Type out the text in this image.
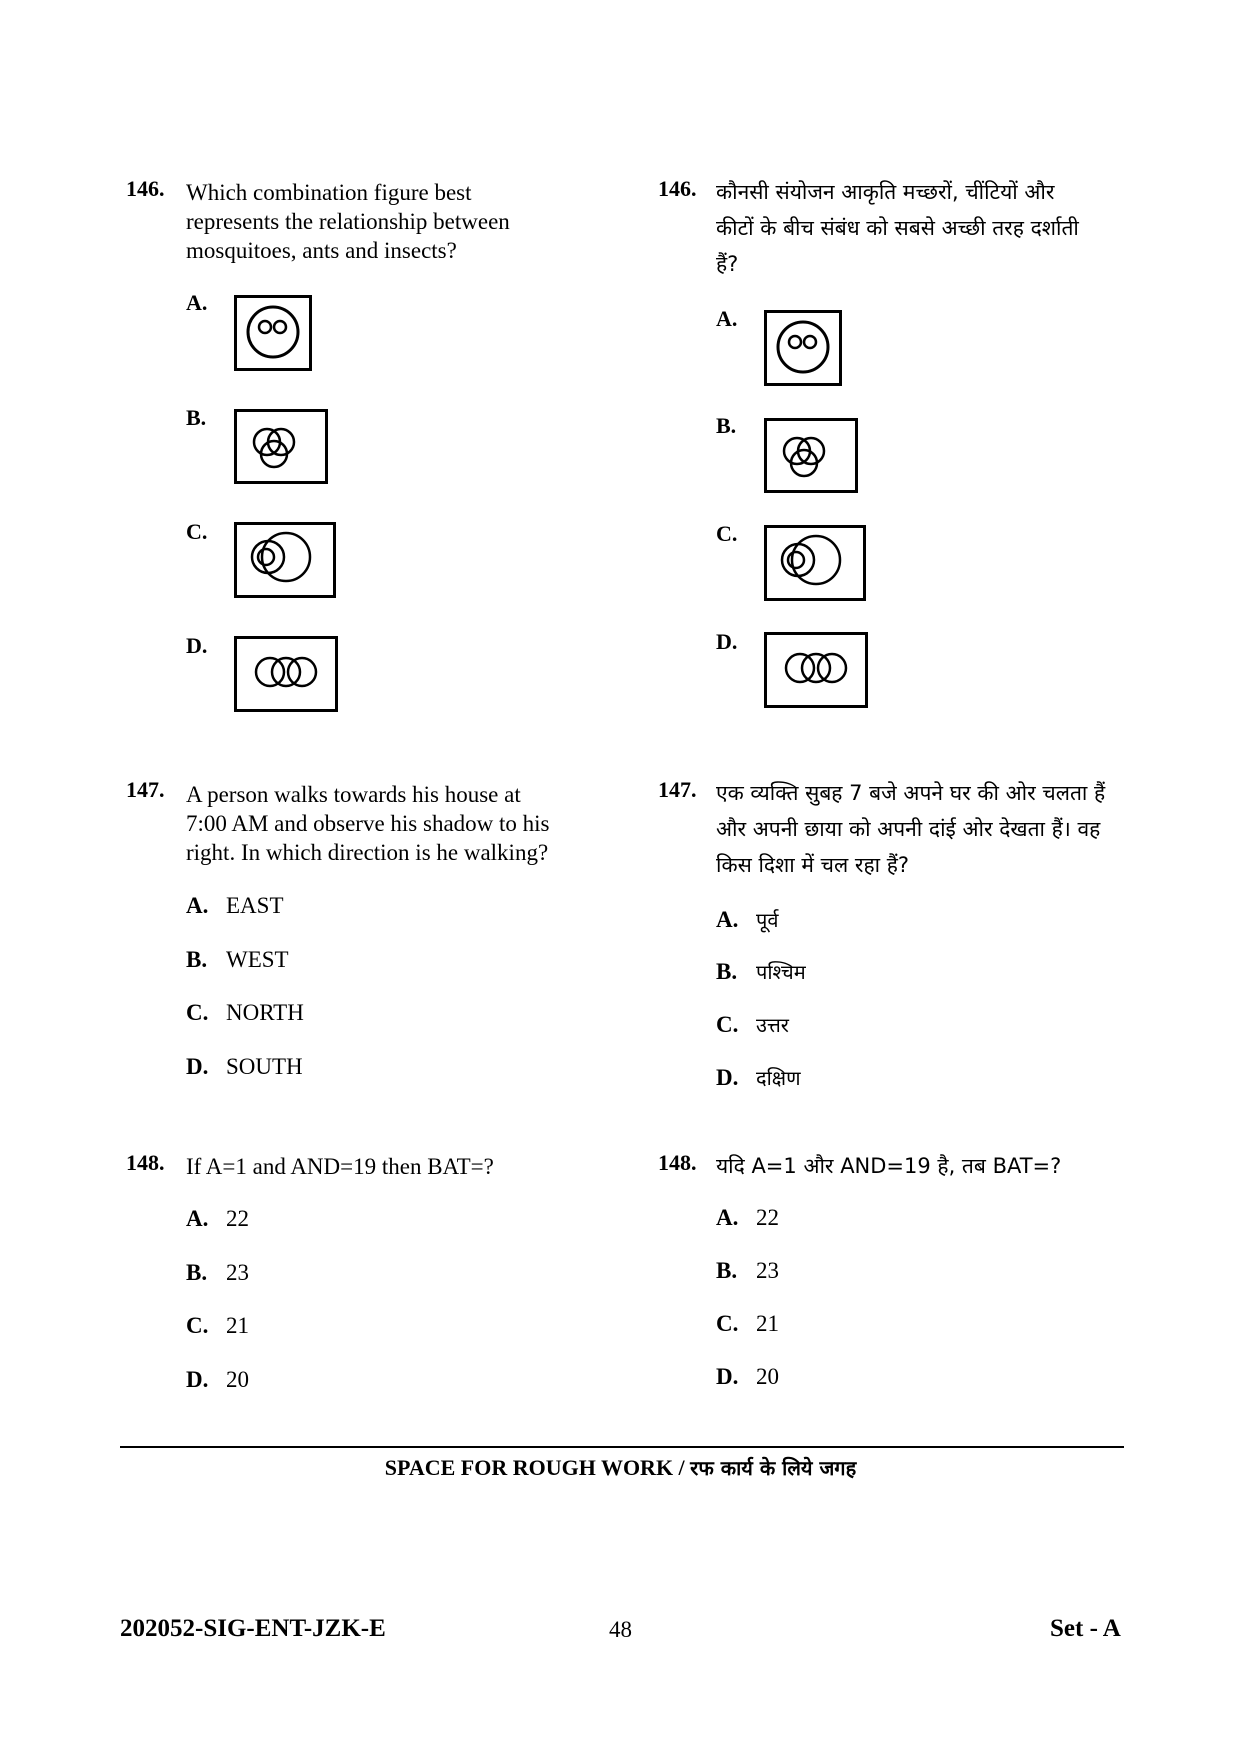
146. Which combination figure best
represents the relationship between
mosquitoes, ants and insects?
A.
B.
C.
D.
147. A person walks towards his house at
7:00 AM and observe his shadow to his
right. In which direction is he walking?
A. EAST
B. WEST
C. NORTH
D. SOUTH
148. If A=1 and AND=19 then BAT=?
A. 22
B. 23
C. 21
D. 20
146. कौनसी संयोजन आकृति मच्छरों, चींटियों और
कीटों के बीच संबंध को सबसे अच्छी तरह दर्शाती
हैं?
A.
B.
C.
D.
147. एक व्यक्ति सुबह 7 बजे अपने घर की ओर चलता हैं
और अपनी छाया को अपनी दांई ओर देखता हैं। वह
किस दिशा में चल रहा हैं?
A. पूर्व
B. पश्चिम
C. उत्तर
D. दक्षिण
148. यदि A=1 और AND=19 है, तब BAT=?
A. 22
B. 23
C. 21
D. 20
SPACE FOR ROUGH WORK / रफ कार्य के लिये जगह
202052-SIG-ENT-JZK-E	48	Set - A
